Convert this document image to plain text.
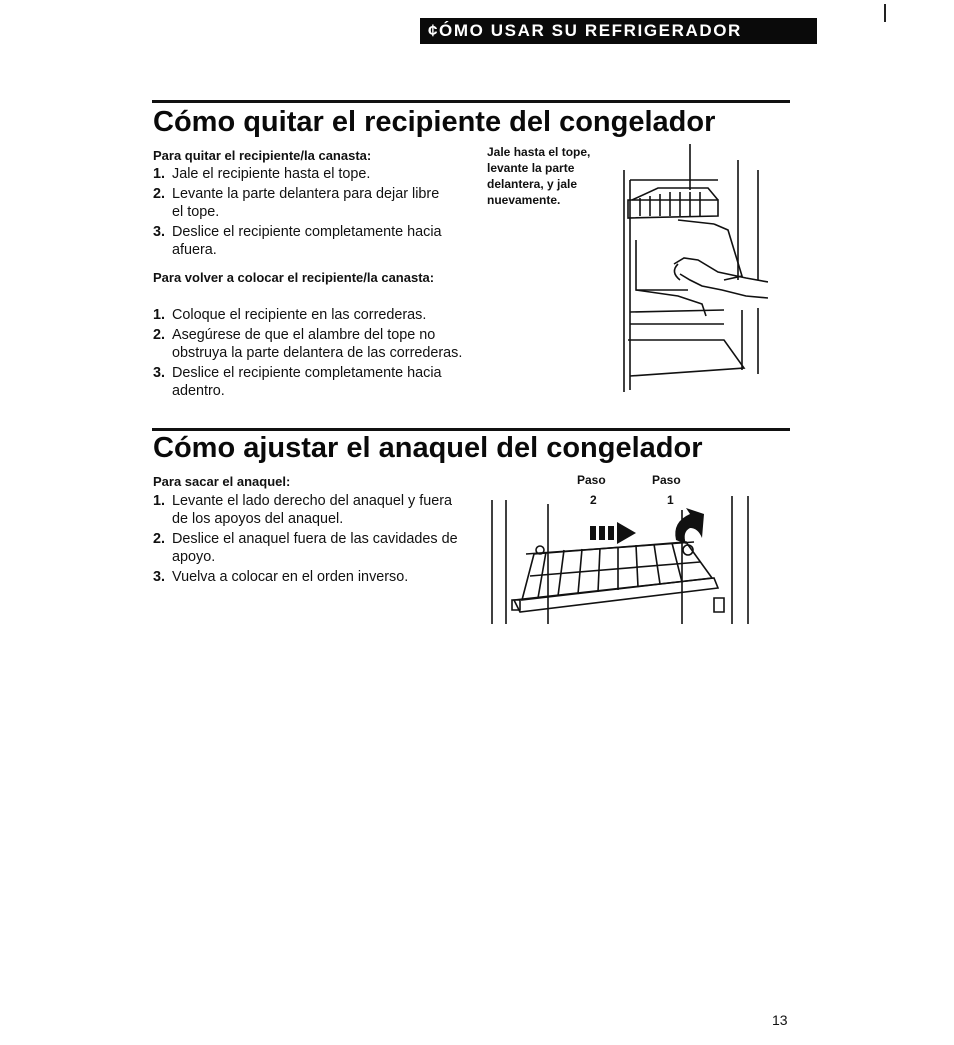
¢ÓMO USAR SU REFRIGERADOR
Cómo quitar el recipiente del congelador
Para quitar el recipiente/la canasta:
1. Jale el recipiente hasta el tope.
2. Levante la parte delantera para dejar libre el tope.
3. Deslice el recipiente completamente hacia afuera.
Para volver a colocar el recipiente/la canasta:
1. Coloque el recipiente en las correderas.
2. Asegúrese de que el alambre del tope no obstruya la parte delantera de las correderas.
3. Deslice el recipiente completamente hacia adentro.
Jale hasta el tope, levante la parte delantera, y jale nuevamente.
Cómo ajustar el anaquel del congelador
Para sacar el anaquel:
1. Levante el lado derecho del anaquel y fuera de los apoyos del anaquel.
2. Deslice el anaquel fuera de las cavidades de apoyo.
3. Vuelva a colocar en el orden inverso.
Paso
2
Paso
1
13
